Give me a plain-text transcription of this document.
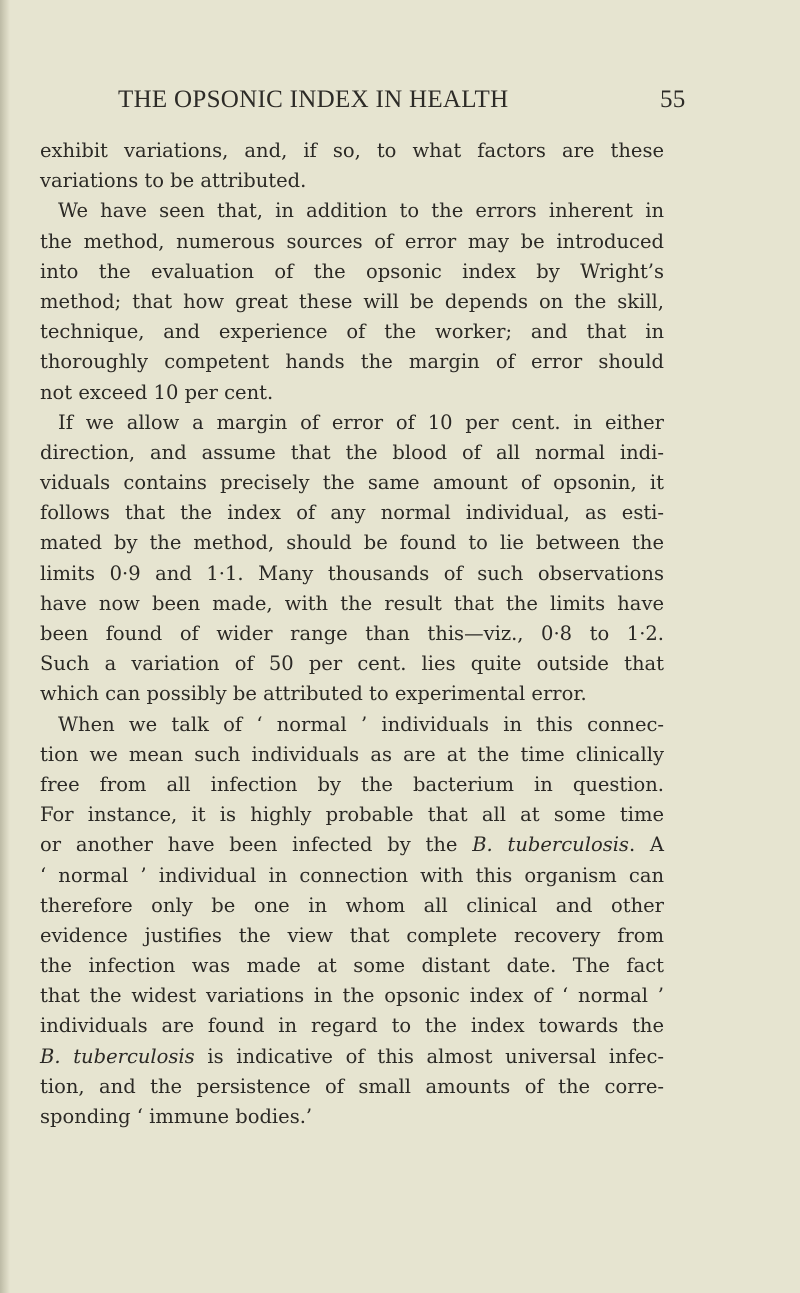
THE OPSONIC INDEX IN HEALTH	55
exhibit variations, and, if so, to what factors are these
variations to be attributed.
We have seen that, in addition to the errors inherent in
the method, numerous sources of error may be introduced
into the evaluation of the opsonic index by Wright’s
method; that how great these will be depends on the skill,
technique, and experience of the worker; and that in
thoroughly competent hands the margin of error should
not exceed 10 per cent.
If we allow a margin of error of 10 per cent. in either
direction, and assume that the blood of all normal indi-
viduals contains precisely the same amount of opsonin, it
follows that the index of any normal individual, as esti-
mated by the method, should be found to lie between the
limits 0·9 and 1·1. Many thousands of such observations
have now been made, with the result that the limits have
been found of wider range than this—viz., 0·8 to 1·2.
Such a variation of 50 per cent. lies quite outside that
which can possibly be attributed to experimental error.
When we talk of ‘ normal ’ individuals in this connec-
tion we mean such individuals as are at the time clinically
free from all infection by the bacterium in question.
For instance, it is highly probable that all at some time
or another have been infected by the B. tuberculosis. A
‘ normal ’ individual in connection with this organism can
therefore only be one in whom all clinical and other
evidence justifies the view that complete recovery from
the infection was made at some distant date. The fact
that the widest variations in the opsonic index of ‘ normal ’
individuals are found in regard to the index towards the
B. tuberculosis is indicative of this almost universal infec-
tion, and the persistence of small amounts of the corre-
sponding ‘ immune bodies.’
